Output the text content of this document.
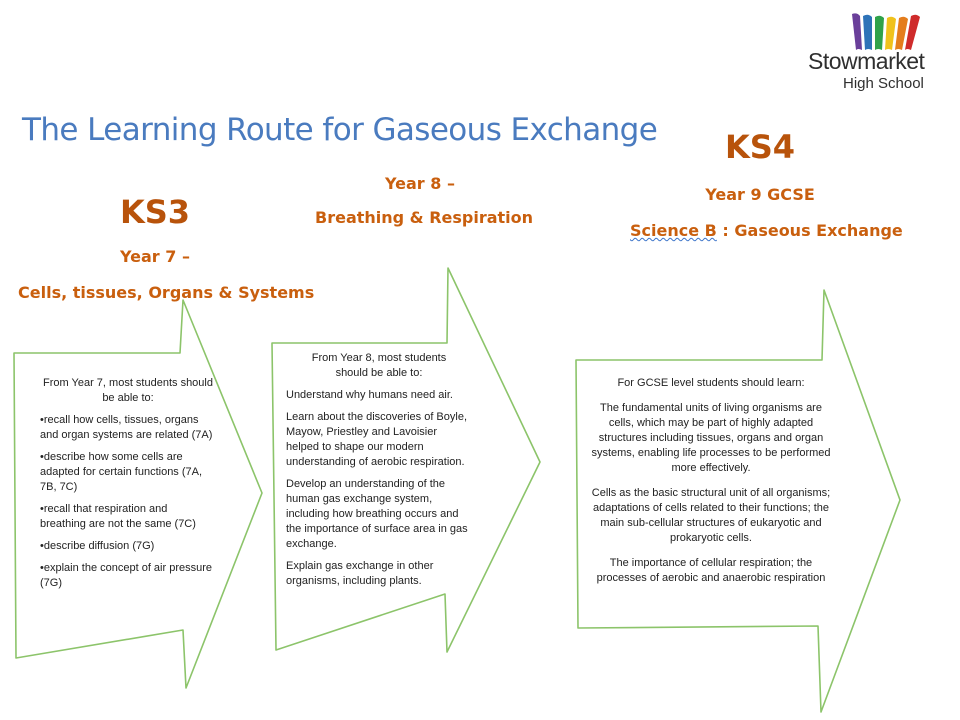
Stowmarket
High School
The Learning Route for Gaseous Exchange
KS3
Year 7 –
Cells, tissues, Organs & Systems
Year 8 –
Breathing & Respiration
KS4
Year 9 GCSE
Science B : Gaseous Exchange

From Year 7, most students should be able to:

•recall how cells, tissues, organs and organ systems are related (7A)

•describe how some cells are adapted for certain functions (7A, 7B, 7C)

•recall that respiration and breathing are not the same (7C)

•describe diffusion (7G)

•explain the concept of air pressure (7G)

From Year 8, most students should be able to:

Understand why humans need air.

Learn about the discoveries of Boyle, Mayow, Priestley and Lavoisier helped to shape our modern understanding of aerobic respiration.

Develop an understanding of the human gas exchange system, including how breathing occurs and the importance of surface area in gas exchange.

Explain gas exchange in other organisms, including plants.

For GCSE level students should learn:

The fundamental units of living organisms are cells, which may be part of highly adapted structures including tissues, organs and organ systems, enabling life processes to be performed more effectively.

Cells as the basic structural unit of all organisms; adaptations of cells related to their functions; the main sub-cellular structures of eukaryotic and prokaryotic cells.

The importance of cellular respiration; the processes of aerobic and anaerobic respiration
